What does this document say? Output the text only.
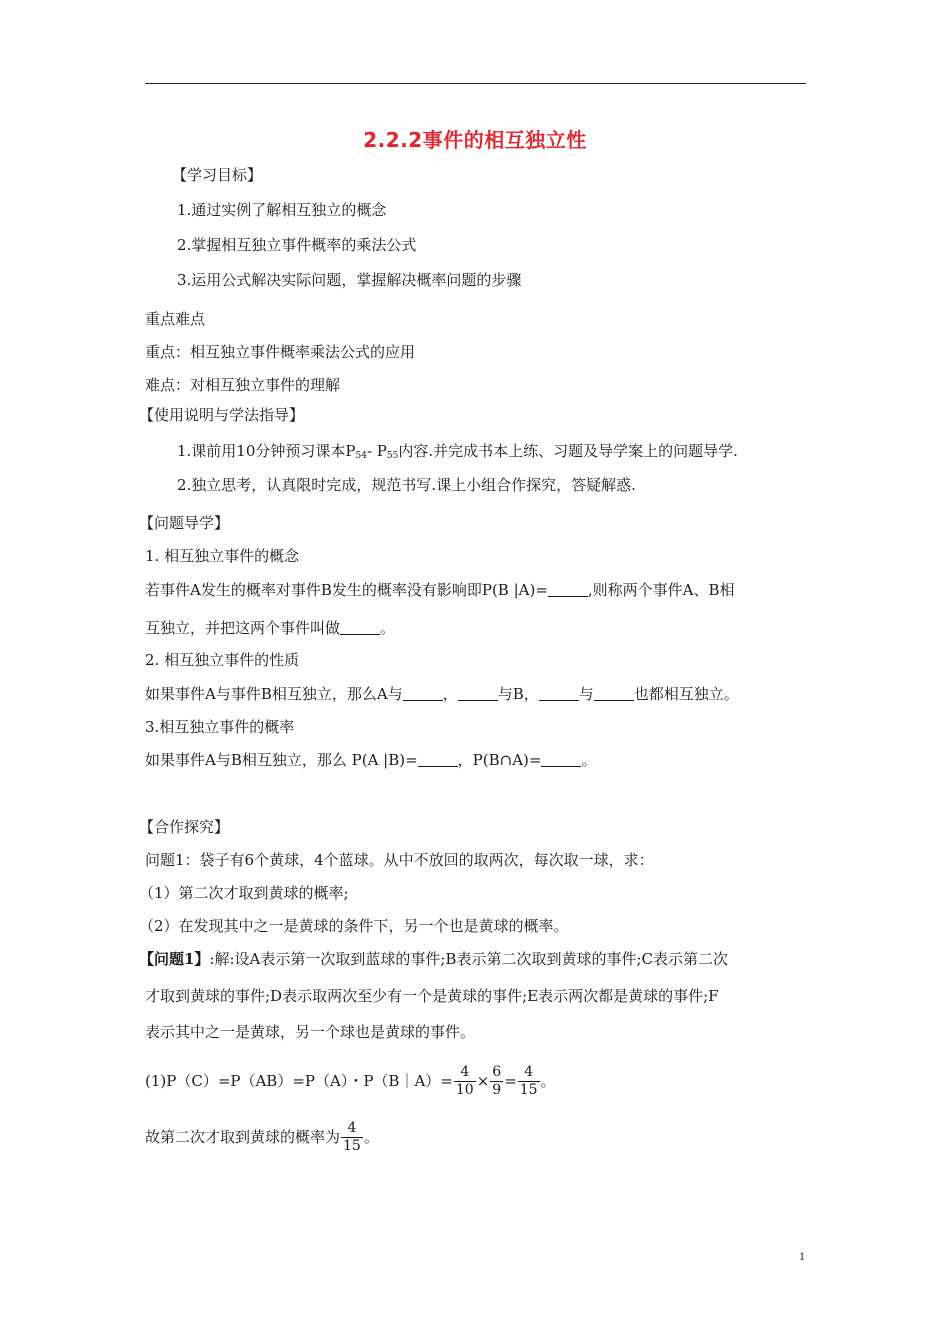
2.2.2事件的相互独立性
【学习目标】
1.通过实例了解相互独立的概念
2.掌握相互独立事件概率的乘法公式
3.运用公式解决实际问题，掌握解决概率问题的步骤
重点难点
重点：相互独立事件概率乘法公式的应用
难点：对相互独立事件的理解
【使用说明与学法指导】
1.课前用10分钟预习课本$P_{54}-$ $P_{55}$内容.并完成书本上练、习题及导学案上的问题导学.
2.独立思考，认真限时完成，规范书写.课上小组合作探究，答疑解惑.
【问题导学】
1. 相互独立事件的概念
若事件A发生的概率对事件B发生的概率没有影响即P(B |A)=	,则称两个事件A、B相
互独立，并把这两个事件叫做	。
2. 相互独立事件的性质
如果事件A与事件B相互独立，那么A与	，	与B，	与	也都相互独立。
3.相互独立事件的概率
如果事件A与B相互独立，那么 P(A |B)=	，P(B∩A)=	。
【合作探究】
问题1：袋子有6个黄球，4个蓝球。从中不放回的取两次，每次取一球，求：
（1）第二次才取到黄球的概率;
（2）在发现其中之一是黄球的条件下，另一个也是黄球的概率。
【问题1】:解:设A表示第一次取到蓝球的事件;B表示第二次取到黄球的事件;C表示第二次
才取到黄球的事件;D表示取两次至少有一个是黄球的事件;E表示两次都是黄球的事件;F
表示其中之一是黄球，另一个球也是黄球的事件。
(1)P（C）=P（AB）=P（A）・P（B｜A）= $\frac{4}{10} \times \frac{6}{9} = \frac{4}{15}$ 。
故第二次才取到黄球的概率为 $\frac{4}{15}$ 。
1
